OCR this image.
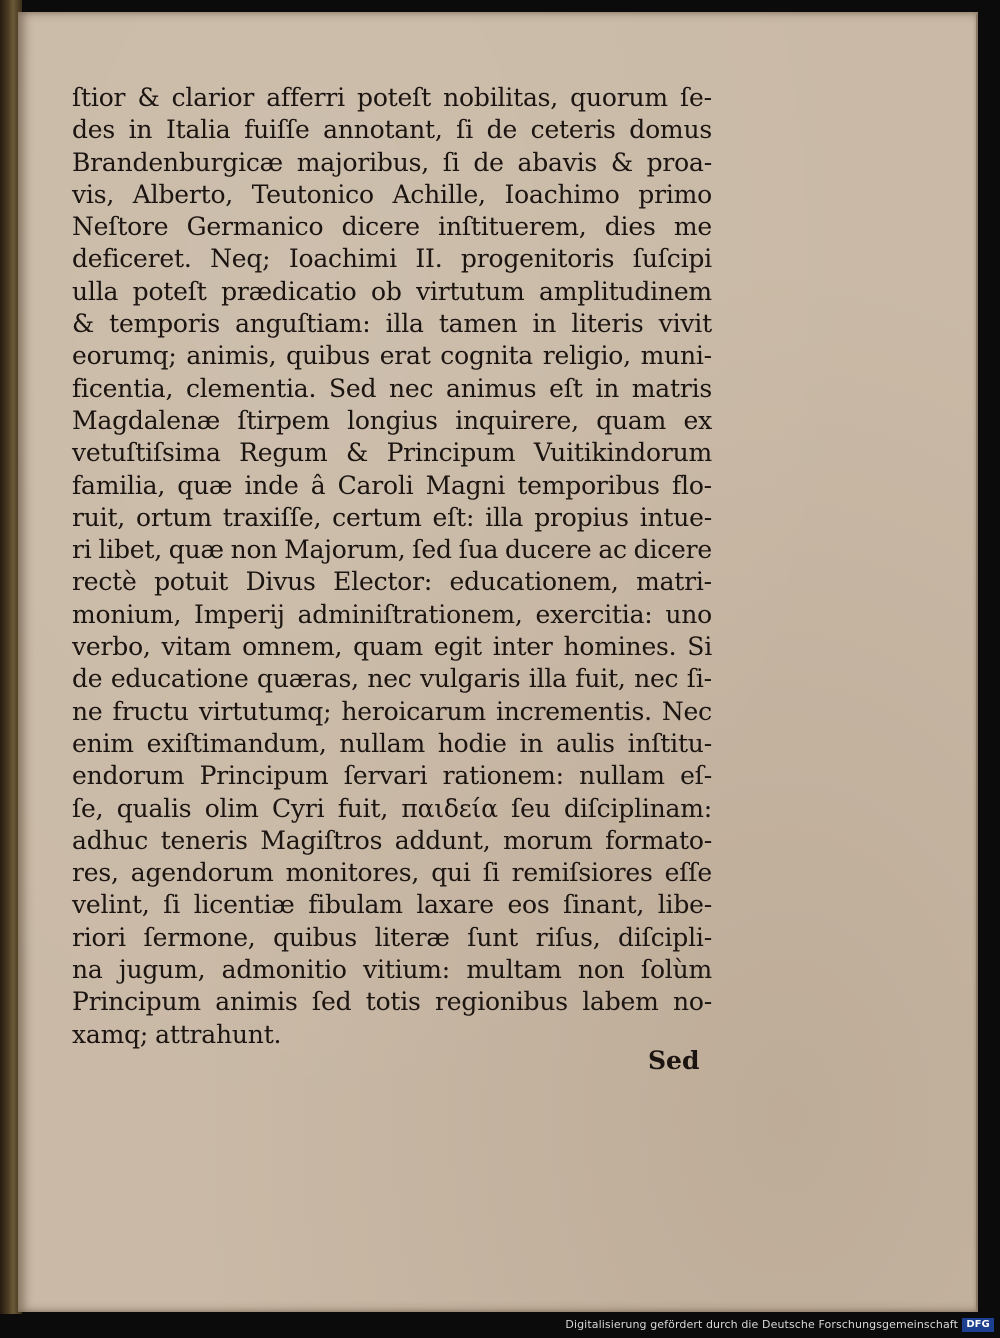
ſtior & clarior afferri poteſt nobilitas, quorum ſe-
des in Italia fuiſſe annotant, ſi de ceteris domus
Brandenburgicæ majoribus, ſi de abavis & proa-
vis, Alberto, Teutonico Achille, Ioachimo primo
Neſtore Germanico dicere inſtituerem, dies me
deficeret. Neq; Ioachimi II. progenitoris ſuſcipi
ulla poteſt prædicatio ob virtutum amplitudinem
& temporis anguſtiam: illa tamen in literis vivit
eorumq; animis, quibus erat cognita religio, muni-
ficentia, clementia. Sed nec animus eſt in matris
Magdalenæ ſtirpem longius inquirere, quam ex
vetuſtiſsima Regum & Principum Vuitikindorum
familia, quæ inde â Caroli Magni temporibus flo-
ruit, ortum traxiſſe, certum eſt: illa propius intue-
ri libet, quæ non Majorum, ſed ſua ducere ac dicere
rectè potuit Divus Elector: educationem, matri-
monium, Imperij adminiſtrationem, exercitia: uno
verbo, vitam omnem, quam egit inter homines. Si
de educatione quæras, nec vulgaris illa fuit, nec ſi-
ne fructu virtutumq; heroicarum incrementis. Nec
enim exiſtimandum, nullam hodie in aulis inſtitu-
endorum Principum ſervari rationem: nullam eſ-
ſe, qualis olim Cyri fuit, παιδεία ſeu diſciplinam:
adhuc teneris Magiſtros addunt, morum formato-
res, agendorum monitores, qui ſi remiſsiores eſſe
velint, ſi licentiæ fibulam laxare eos ſinant, libe-
riori ſermone, quibus literæ ſunt riſus, diſcipli-
na jugum, admonitio vitium: multam non ſolùm
Principum animis ſed totis regionibus labem no-
xamq; attrahunt.
Sed
Digitalisierung gefördert durch die Deutsche Forschungsgemeinschaft DFG
